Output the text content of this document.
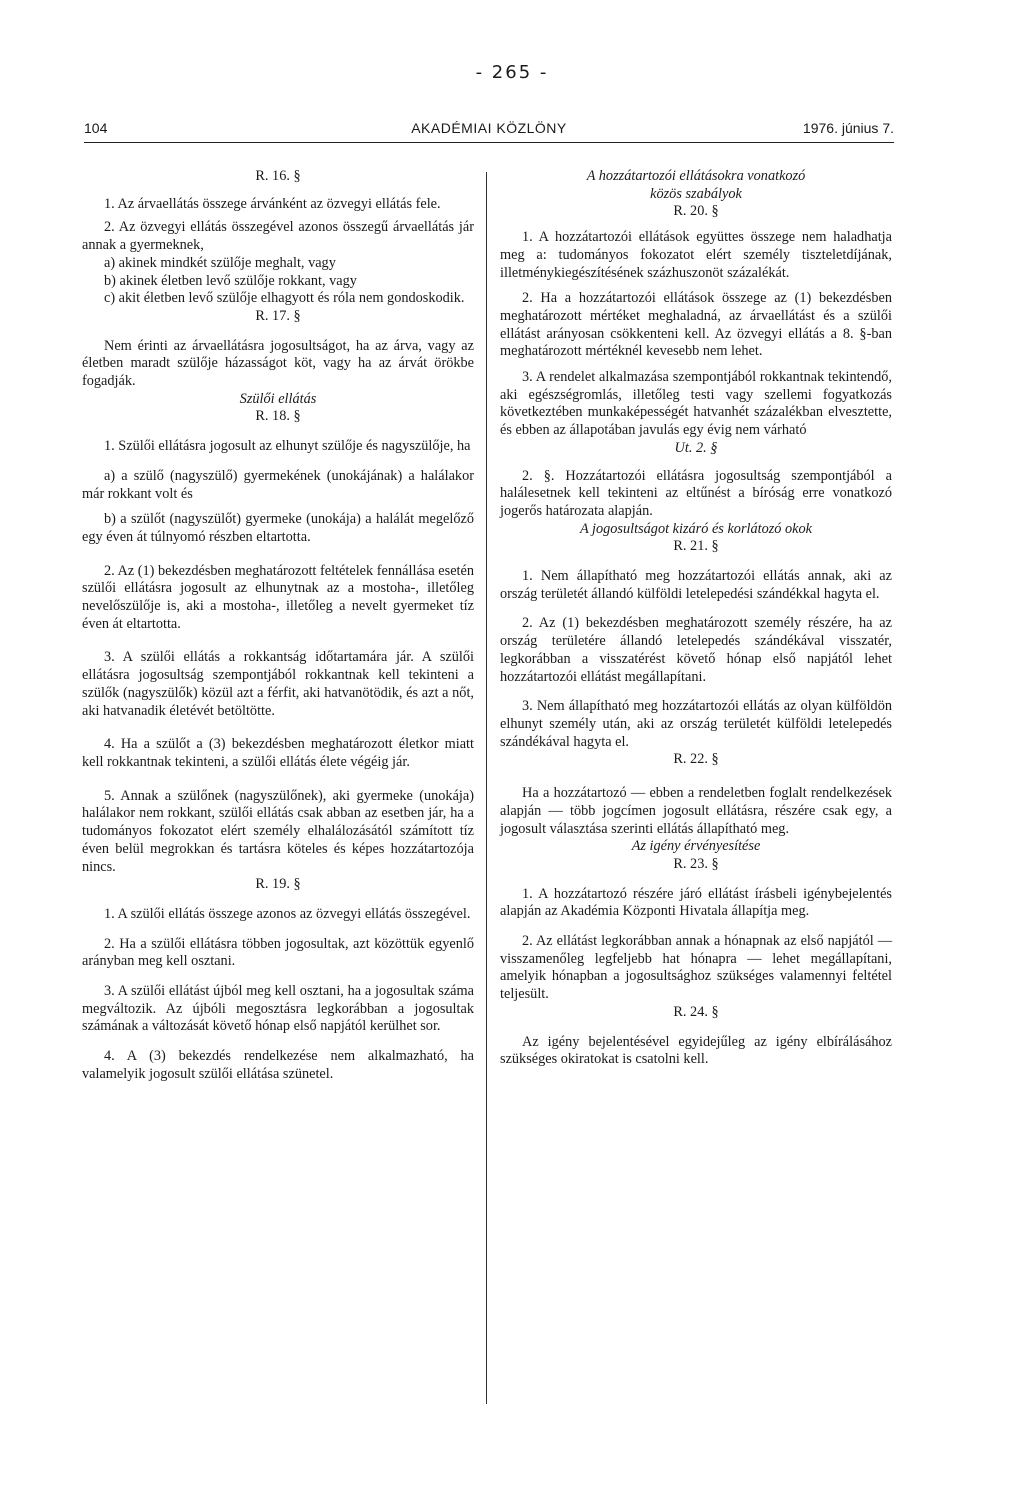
- 265 -
104	AKADÉMIAI KÖZLÖNY	1976. június 7.

R. 16. §

1. Az árvaellátás összege árvánként az özvegyi ellátás fele.

2. Az özvegyi ellátás összegével azonos összegű árvaellátás jár annak a gyermeknek,

a) akinek mindkét szülője meghalt, vagy

b) akinek életben levő szülője rokkant, vagy

c) akit életben levő szülője elhagyott és róla nem gondoskodik.

R. 17. §

Nem érinti az árvaellátásra jogosultságot, ha az árva, vagy az életben maradt szülője házasságot köt, vagy ha az árvát örökbe fogadják.

Szülői ellátás

R. 18. §

1. Szülői ellátásra jogosult az elhunyt szülője és nagyszülője, ha

a) a szülő (nagyszülő) gyermekének (unokájának) a halálakor már rokkant volt és

b) a szülőt (nagyszülőt) gyermeke (unokája) a halálát megelőző egy éven át túlnyomó részben eltartotta.

2. Az (1) bekezdésben meghatározott feltételek fennállása esetén szülői ellátásra jogosult az elhunytnak az a mostoha-, illetőleg nevelőszülője is, aki a mostoha-, illetőleg a nevelt gyermeket tíz éven át eltartotta.

3. A szülői ellátás a rokkantság időtartamára jár. A szülői ellátásra jogosultság szempontjából rokkantnak kell tekinteni a szülők (nagyszülők) közül azt a férfit, aki hatvanötödik, és azt a nőt, aki hatvanadik életévét betöltötte.

4. Ha a szülőt a (3) bekezdésben meghatározott életkor miatt kell rokkantnak tekinteni, a szülői ellátás élete végéig jár.

5. Annak a szülőnek (nagyszülőnek), aki gyermeke (unokája) halálakor nem rokkant, szülői ellátás csak abban az esetben jár, ha a tudományos fokozatot elért személy elhalálozásától számított tíz éven belül megrokkan és tartásra köteles és képes hozzátartozója nincs.

R. 19. §

1. A szülői ellátás összege azonos az özvegyi ellátás összegével.

2. Ha a szülői ellátásra többen jogosultak, azt közöttük egyenlő arányban meg kell osztani.

3. A szülői ellátást újból meg kell osztani, ha a jogosultak száma megváltozik. Az újbóli megosztásra legkorábban a jogosultak számának a változását követő hónap első napjától kerülhet sor.

4. A (3) bekezdés rendelkezése nem alkalmazható, ha valamelyik jogosult szülői ellátása szünetel.

A hozzátartozói ellátásokra vonatkozó közös szabályok

R. 20. §

1. A hozzátartozói ellátások együttes összege nem haladhatja meg a: tudományos fokozatot elért személy tiszteletdíjának, illetménykiegészítésének százhuszonöt százalékát.

2. Ha a hozzátartozói ellátások összege az (1) bekezdésben meghatározott mértéket meghaladná, az árvaellátást és a szülői ellátást arányosan csökkenteni kell. Az özvegyi ellátás a 8. §-ban meghatározott mértéknél kevesebb nem lehet.

3. A rendelet alkalmazása szempontjából rokkantnak tekintendő, aki egészségromlás, illetőleg testi vagy szellemi fogyatkozás következtében munkaképességét hatvanhét százalékban elvesztette, és ebben az állapotában javulás egy évig nem várható

Ut. 2. §

2. §. Hozzátartozói ellátásra jogosultság szempontjából a halálesetnek kell tekinteni az eltűnést a bíróság erre vonatkozó jogerős határozata alapján.

A jogosultságot kizáró és korlátozó okok

R. 21. §

1. Nem állapítható meg hozzátartozói ellátás annak, aki az ország területét állandó külföldi letelepedési szándékkal hagyta el.

2. Az (1) bekezdésben meghatározott személy részére, ha az ország területére állandó letelepedés szándékával visszatér, legkorábban a visszatérést követő hónap első napjától lehet hozzátartozói ellátást megállapítani.

3. Nem állapítható meg hozzátartozói ellátás az olyan külföldön elhunyt személy után, aki az ország területét külföldi letelepedés szándékával hagyta el.

R. 22. §

Ha a hozzátartozó — ebben a rendeletben foglalt rendelkezések alapján — több jogcímen jogosult ellátásra, részére csak egy, a jogosult választása szerinti ellátás állapítható meg.

Az igény érvényesítése

R. 23. §

1. A hozzátartozó részére járó ellátást írásbeli igénybejelentés alapján az Akadémia Központi Hivatala állapítja meg.

2. Az ellátást legkorábban annak a hónapnak az első napjától — visszamenőleg legfeljebb hat hónapra — lehet megállapítani, amelyik hónapban a jogosultsághoz szükséges valamennyi feltétel teljesült.

R. 24. §

Az igény bejelentésével egyidejűleg az igény elbírálásához szükséges okiratokat is csatolni kell.
